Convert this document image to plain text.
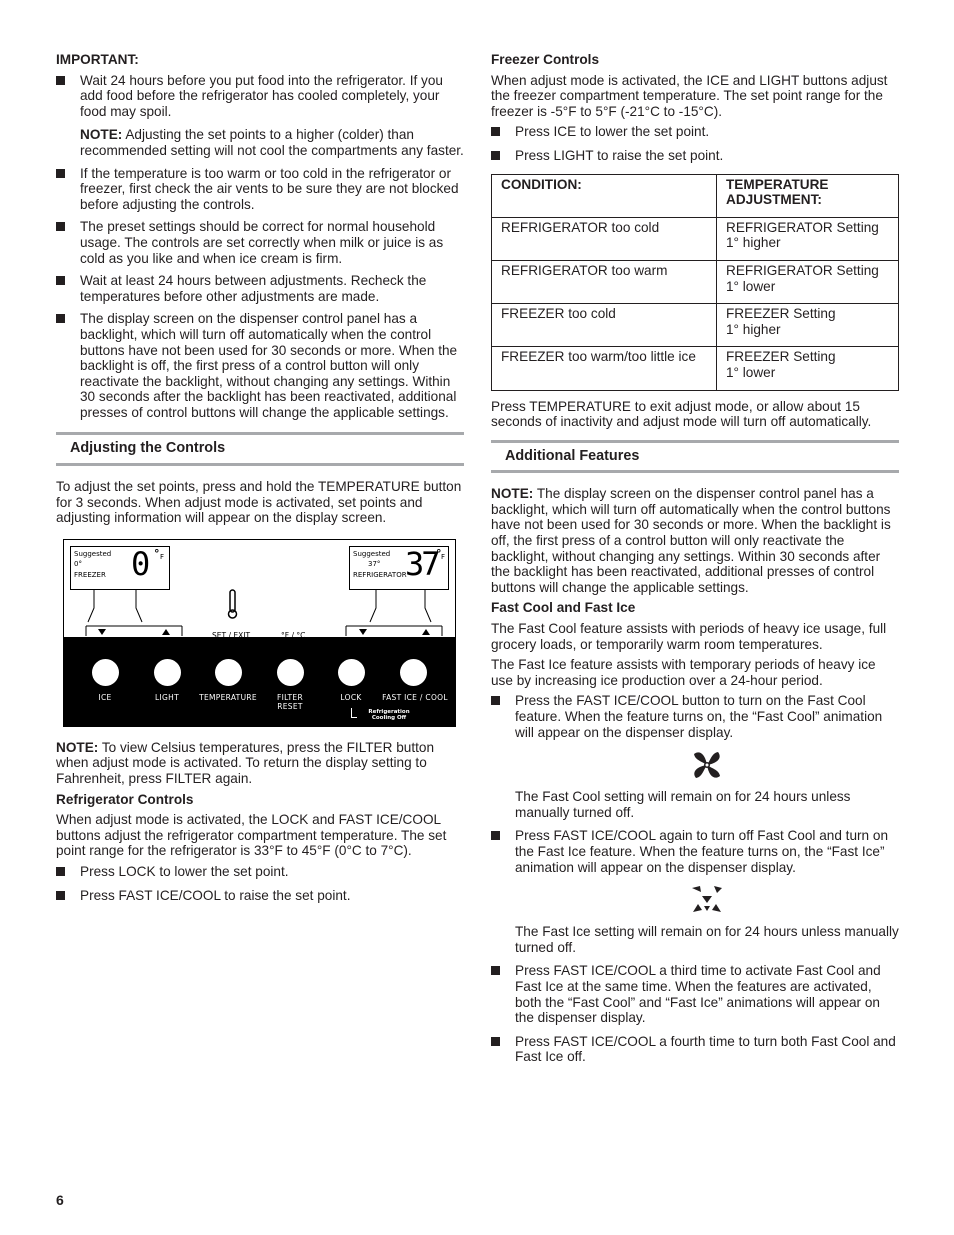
IMPORTANT:

Wait 24 hours before you put food into the refrigerator. If you add food before the refrigerator has cooled completely, your food may spoil.

NOTE: Adjusting the set points to a higher (colder) than recommended setting will not cool the compartments any faster.

If the temperature is too warm or too cold in the refrigerator or freezer, first check the air vents to be sure they are not blocked before adjusting the controls.

The preset settings should be correct for normal household usage. The controls are set correctly when milk or juice is as cold as you like and when ice cream is firm.

Wait at least 24 hours between adjustments. Recheck the temperatures before other adjustments are made.

The display screen on the dispenser control panel has a backlight, which will turn off automatically when the control buttons have not been used for 30 seconds or more. When the backlight is off, the first press of a control button will only reactivate the backlight, without changing any settings. Within 30 seconds after the backlight has been reactivated, additional presses of control buttons will change the applicable settings.

Adjusting the Controls

To adjust the set points, press and hold the TEMPERATURE button for 3 seconds. When adjust mode is activated, set points and adjusting information will appear on the display screen.

Suggested
0°
FREEZER 0 ° F	Suggested
37°
REFRIGERATOR
37
° F
SET / EXIT	°F / °C
ICE	LIGHT	TEMPERATURE	FILTER RESET
LOCK	FAST ICE / COOL
Refrigeration Cooling Off

NOTE: To view Celsius temperatures, press the FILTER button when adjust mode is activated. To return the display setting to Fahrenheit, press FILTER again.

Refrigerator Controls

When adjust mode is activated, the LOCK and FAST ICE/COOL buttons adjust the refrigerator compartment temperature. The set point range for the refrigerator is 33°F to 45°F (0°C to 7°C).

Press LOCK to lower the set point.
Press FAST ICE/COOL to raise the set point.

Freezer Controls

When adjust mode is activated, the ICE and LIGHT buttons adjust the freezer compartment temperature. The set point range for the freezer is -5°F to 5°F (-21°C to -15°C).

Press ICE to lower the set point.
Press LIGHT to raise the set point.
CONDITION:	TEMPERATURE ADJUSTMENT:
REFRIGERATOR too cold	REFRIGERATOR Setting
1° higher

REFRIGERATOR too warm	REFRIGERATOR Setting
1° lower

FREEZER too cold	FREEZER Setting
1° higher

FREEZER too warm/too little ice	FREEZER Setting
1° lower

Press TEMPERATURE to exit adjust mode, or allow about 15 seconds of inactivity and adjust mode will turn off automatically.

Additional Features

NOTE: The display screen on the dispenser control panel has a backlight, which will turn off automatically when the control buttons have not been used for 30 seconds or more. When the backlight is off, the first press of a control button will only reactivate the backlight, without changing any settings. Within 30 seconds after the backlight has been reactivated, additional presses of control buttons will change the applicable settings.

Fast Cool and Fast Ice

The Fast Cool feature assists with periods of heavy ice usage, full grocery loads, or temporarily warm room temperatures.

The Fast Ice feature assists with temporary periods of heavy ice use by increasing ice production over a 24-hour period.

Press the FAST ICE/COOL button to turn on the Fast Cool feature. When the feature turns on, the “Fast Cool” animation will appear on the dispenser display.

The Fast Cool setting will remain on for 24 hours unless manually turned off.

Press FAST ICE/COOL again to turn off Fast Cool and turn on the Fast Ice feature. When the feature turns on, the “Fast Ice” animation will appear on the dispenser display.

The Fast Ice setting will remain on for 24 hours unless manually turned off.

Press FAST ICE/COOL a third time to activate Fast Cool and Fast Ice at the same time. When the features are activated, both the “Fast Cool” and “Fast Ice” animations will appear on the dispenser display.
Press FAST ICE/COOL a fourth time to turn both Fast Cool and Fast Ice off.
6
